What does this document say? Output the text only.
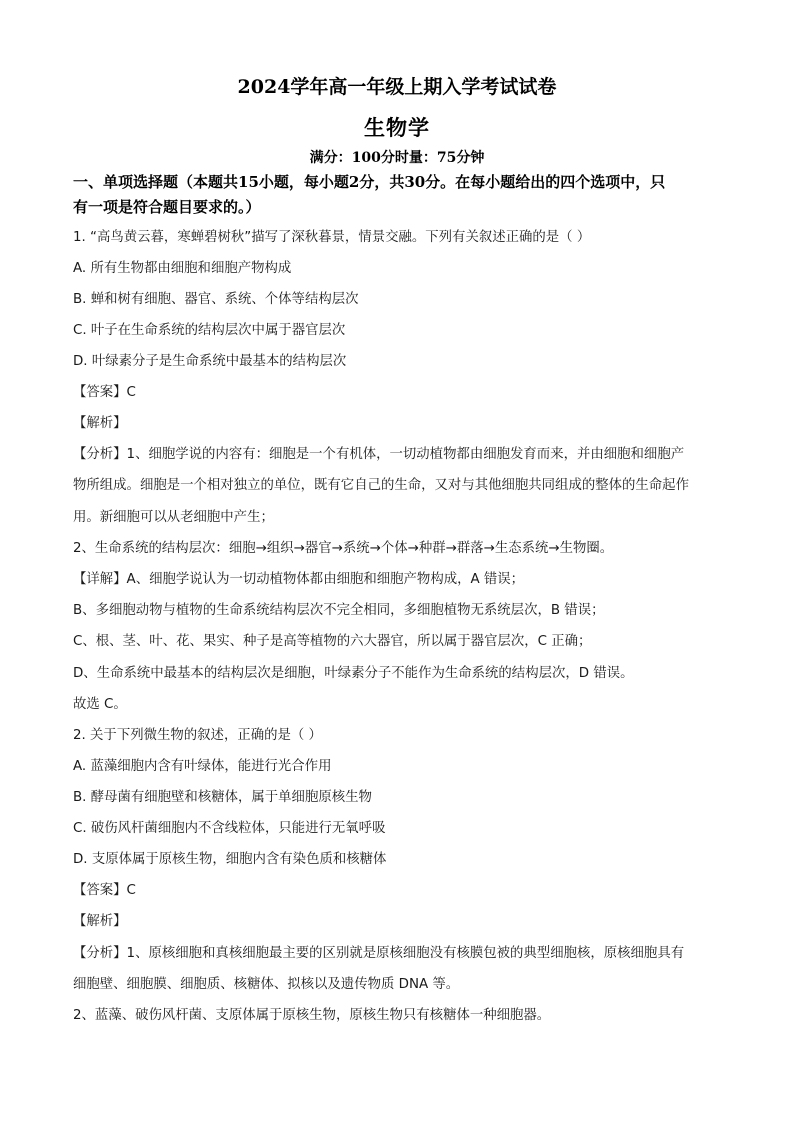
2024学年高一年级上期入学考试试卷
生物学
满分：100分时量：75分钟
一、单项选择题（本题共15小题，每小题2分，共30分。在每小题给出的四个选项中，只
有一项是符合题目要求的。）
1. “高鸟黄云暮，寒蝉碧树秋”描写了深秋暮景，情景交融。下列有关叙述正确的是（ ）
A. 所有生物都由细胞和细胞产物构成
B. 蝉和树有细胞、器官、系统、个体等结构层次
C. 叶子在生命系统的结构层次中属于器官层次
D. 叶绿素分子是生命系统中最基本的结构层次
【答案】C
【解析】
【分析】1、细胞学说的内容有：细胞是一个有机体，一切动植物都由细胞发育而来，并由细胞和细胞产
物所组成。细胞是一个相对独立的单位，既有它自己的生命，又对与其他细胞共同组成的整体的生命起作
用。新细胞可以从老细胞中产生；
2、生命系统的结构层次：细胞→组织→器官→系统→个体→种群→群落→生态系统→生物圈。
【详解】A、细胞学说认为一切动植物体都由细胞和细胞产物构成，A 错误；
B、多细胞动物与植物的生命系统结构层次不完全相同，多细胞植物无系统层次，B 错误；
C、根、茎、叶、花、果实、种子是高等植物的六大器官，所以属于器官层次，C 正确；
D、生命系统中最基本的结构层次是细胞，叶绿素分子不能作为生命系统的结构层次，D 错误。
故选 C。
2. 关于下列微生物的叙述，正确的是（ ）
A. 蓝藻细胞内含有叶绿体，能进行光合作用
B. 酵母菌有细胞壁和核糖体，属于单细胞原核生物
C. 破伤风杆菌细胞内不含线粒体，只能进行无氧呼吸
D. 支原体属于原核生物，细胞内含有染色质和核糖体
【答案】C
【解析】
【分析】1、原核细胞和真核细胞最主要的区别就是原核细胞没有核膜包被的典型细胞核，原核细胞具有
细胞壁、细胞膜、细胞质、核糖体、拟核以及遗传物质 DNA 等。
2、蓝藻、破伤风杆菌、支原体属于原核生物，原核生物只有核糖体一种细胞器。
